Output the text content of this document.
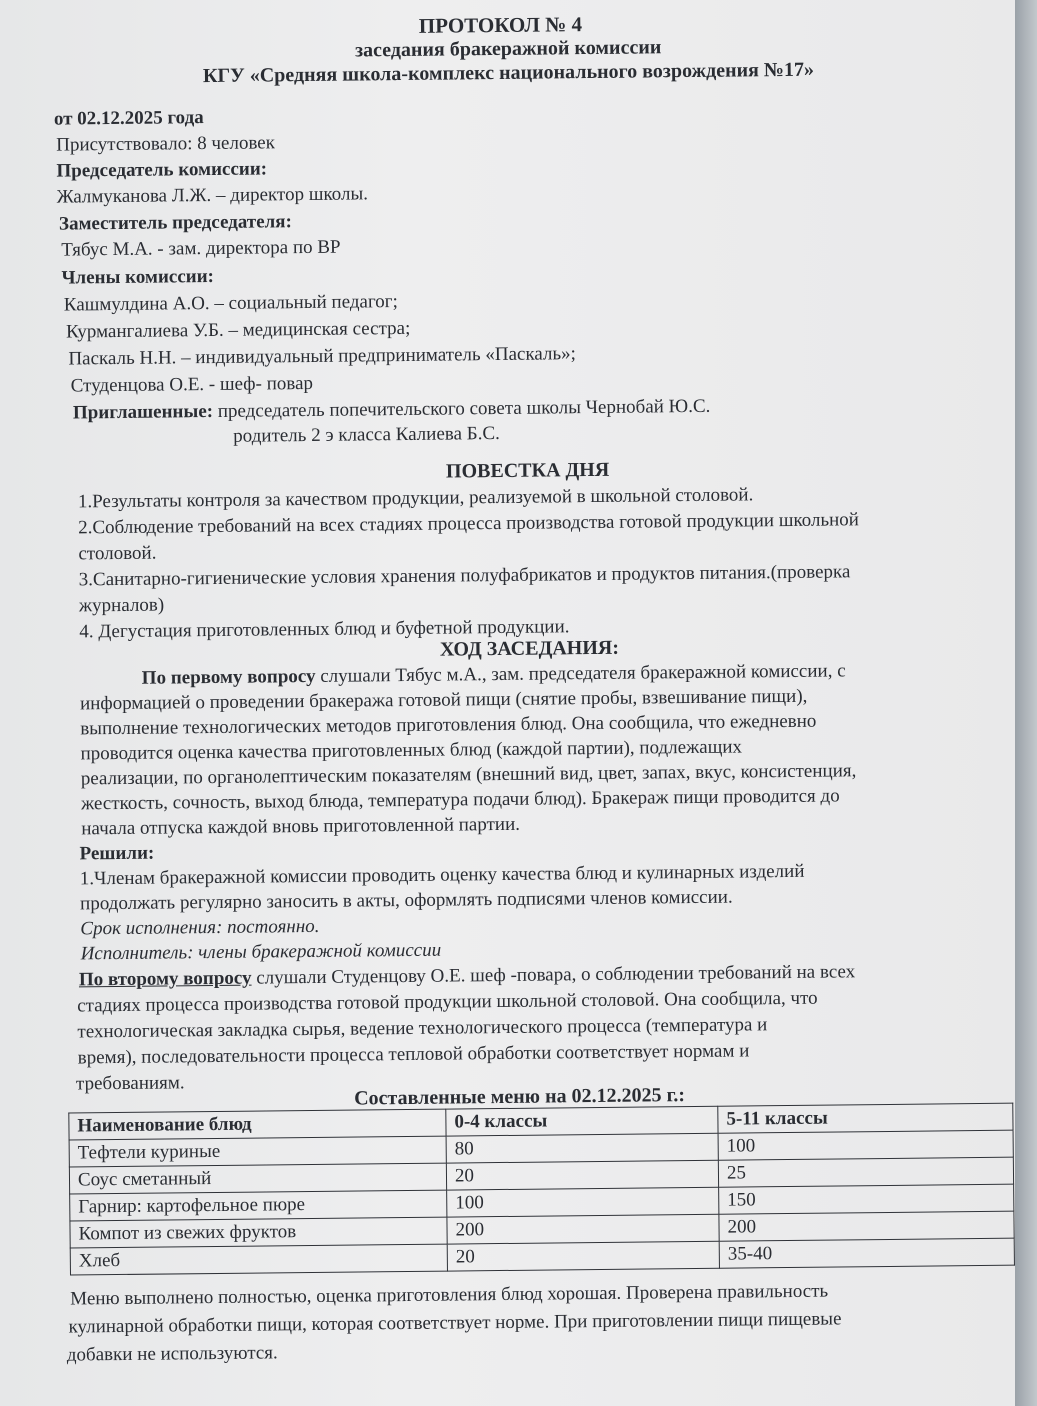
ПРОТОКОЛ № 4
заседания бракеражной комиссии
КГУ «Средняя школа-комплекс национального возрождения №17»
от 02.12.2025 года
Присутствовало: 8 человек
Председатель комиссии:
Жалмуканова Л.Ж. – директор школы.
Заместитель председателя:
Тябус М.А. - зам. директора по ВР
Члены комиссии:
Кашмулдина А.О. – социальный педагог;
Курмангалиева У.Б. – медицинская сестра;
Паскаль Н.Н. – индивидуальный предприниматель «Паскаль»;
Студенцова О.Е. - шеф- повар
Приглашенные: председатель попечительского совета школы Чернобай Ю.С.
родитель 2 э класса Калиева Б.С.
ПОВЕСТКА ДНЯ
1.Результаты контроля за качеством продукции, реализуемой в школьной столовой.
2.Соблюдение требований на всех стадиях процесса производства готовой продукции школьной
столовой.
3.Санитарно-гигиенические условия хранения полуфабрикатов и продуктов питания.(проверка
журналов)
4. Дегустация приготовленных блюд и буфетной продукции.
ХОД ЗАСЕДАНИЯ:
По первому вопросу слушали Тябус м.А., зам. председателя бракеражной комиссии, с
информацией о проведении бракеража готовой пищи (снятие пробы, взвешивание пищи),
выполнение технологических методов приготовления блюд. Она сообщила, что ежедневно
проводится оценка качества приготовленных блюд (каждой партии), подлежащих
реализации, по органолептическим показателям (внешний вид, цвет, запах, вкус, консистенция,
жесткость, сочность, выход блюда, температура подачи блюд). Бракераж пищи проводится до
начала отпуска каждой вновь приготовленной партии.
Решили:
1.Членам бракеражной комиссии проводить оценку качества блюд и кулинарных изделий
продолжать регулярно заносить в акты, оформлять подписями членов комиссии.
Срок исполнения: постоянно.
Исполнитель: члены бракеражной комиссии
По второму вопросу слушали Студенцову О.Е. шеф -повара, о соблюдении требований на всех
стадиях процесса производства готовой продукции школьной столовой. Она сообщила, что
технологическая закладка сырья, ведение технологического процесса (температура и
время), последовательности процесса тепловой обработки соответствует нормам и
требованиям.
Составленные меню на 02.12.2025 г.:
Наименование блюд	0-4 классы	5-11 классы
Тефтели куриные	80	100
Соус сметанный	20	25
Гарнир: картофельное пюре	100	150
Компот из свежих фруктов	200	200
Хлеб	20	35-40
Меню выполнено полностью, оценка приготовления блюд хорошая. Проверена правильность
кулинарной обработки пищи, которая соответствует норме. При приготовлении пищи пищевые
добавки не используются.
